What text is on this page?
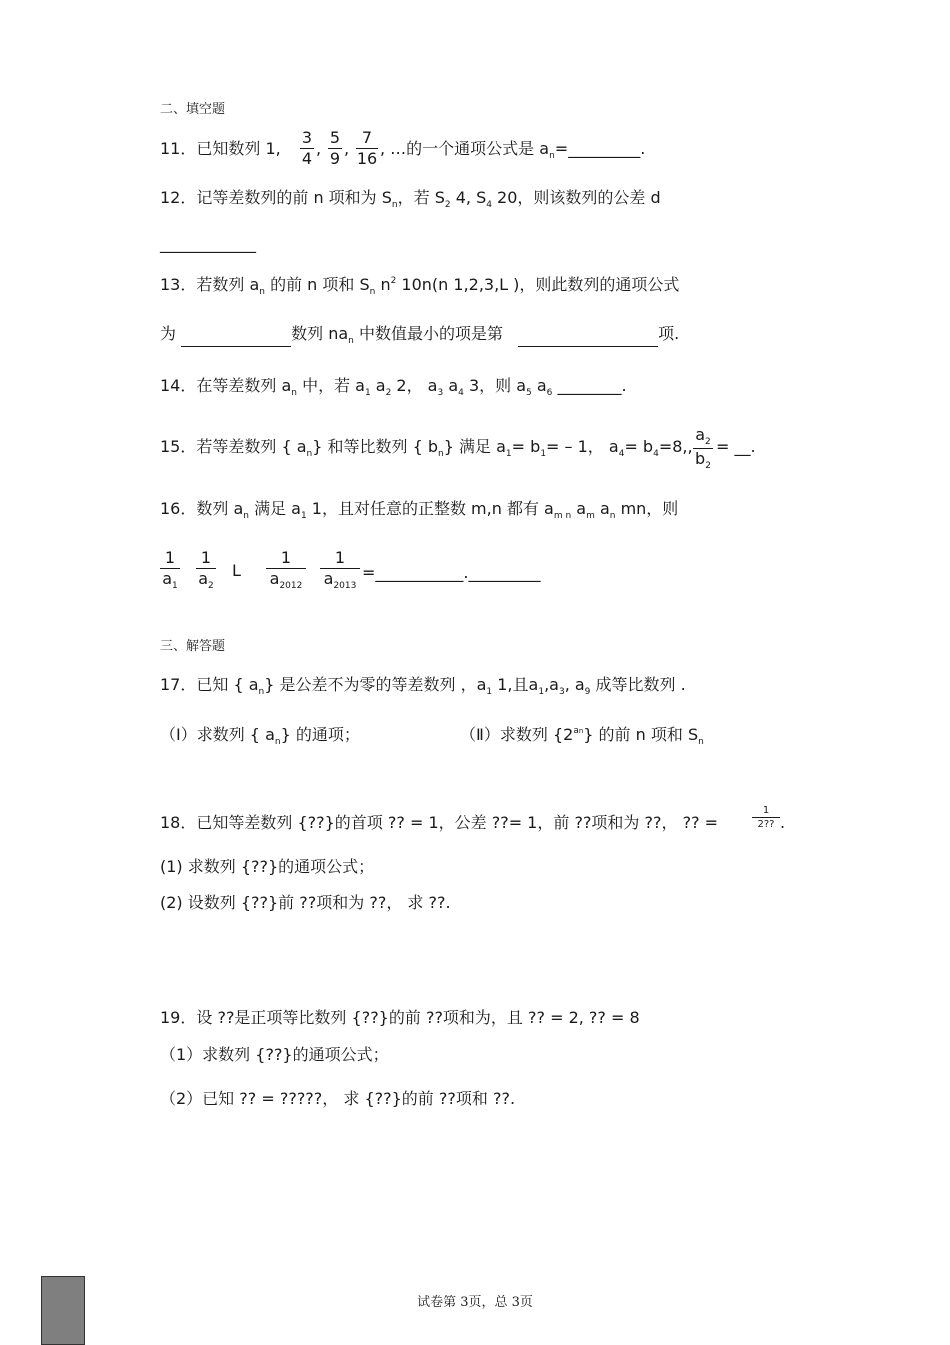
二、填空题
11．已知数列 1,
3
4
,
5
9
,
7
16
, …的一个通项公式是 $a_n=\_\_\_\_\_\_\_\_\_$.
12．记等差数列的前 n 项和为 $S_n$，若 $S_2$ 4, $S_4$ 20，则该数列的公差 d
____________
13．若数列 $a_n$ 的前 n 项和 $S_n$ $n^2$ 10n(n 1,2,3,L )，则此数列的通项公式
为	数列 $na_n$ 中数值最小的项是第	项.
14．在等差数列 $a_n$ 中，若 $a_1$ $a_2$ 2， $a_3$ $a_4$ 3，则 $a_5$ $a_6$ ________.
15．若等差数列 { $a_n$} 和等比数列 { $b_n$} 满足 $a_1= b_1= - 1$， $a_4= b_4=8$,,
$a_2$
$b_2$
= __.
16．数列 $a_n$ 满足 $a_1$ 1，且对任意的正整数 m,n 都有 $a_{m n}$ $a_m$ $a_n$ mn，则
1
$a_1$
1
$a_2$
L
1
$a_{2012}$
1
$a_{2013}$
=___________._________
三、解答题
17．已知 { $a_n$} 是公差不为零的等差数列 ，$a_1$ 1,且$a_1,a_3$, $a_9$ 成等比数列 .
（Ⅰ）求数列 { $a_n$} 的通项；	（Ⅱ）求数列 $\{2^{an}\}$ 的前 n 项和 $S_n$
18．已知等差数列 {??}的首项 ?? = 1，公差 ??= 1，前 ??项和为 ??， ?? =
1
2?? .
(1) 求数列 {??}的通项公式；
(2) 设数列 {??}前 ??项和为 ??， 求 ??.
19．设 ??是正项等比数列 {??}的前 ??项和为，且 ?? = 2, ?? = 8
（1）求数列 {??}的通项公式；
（2）已知 ?? = ?????， 求 {??}的前 ??项和 ??.
试卷第 3页，总 3页
